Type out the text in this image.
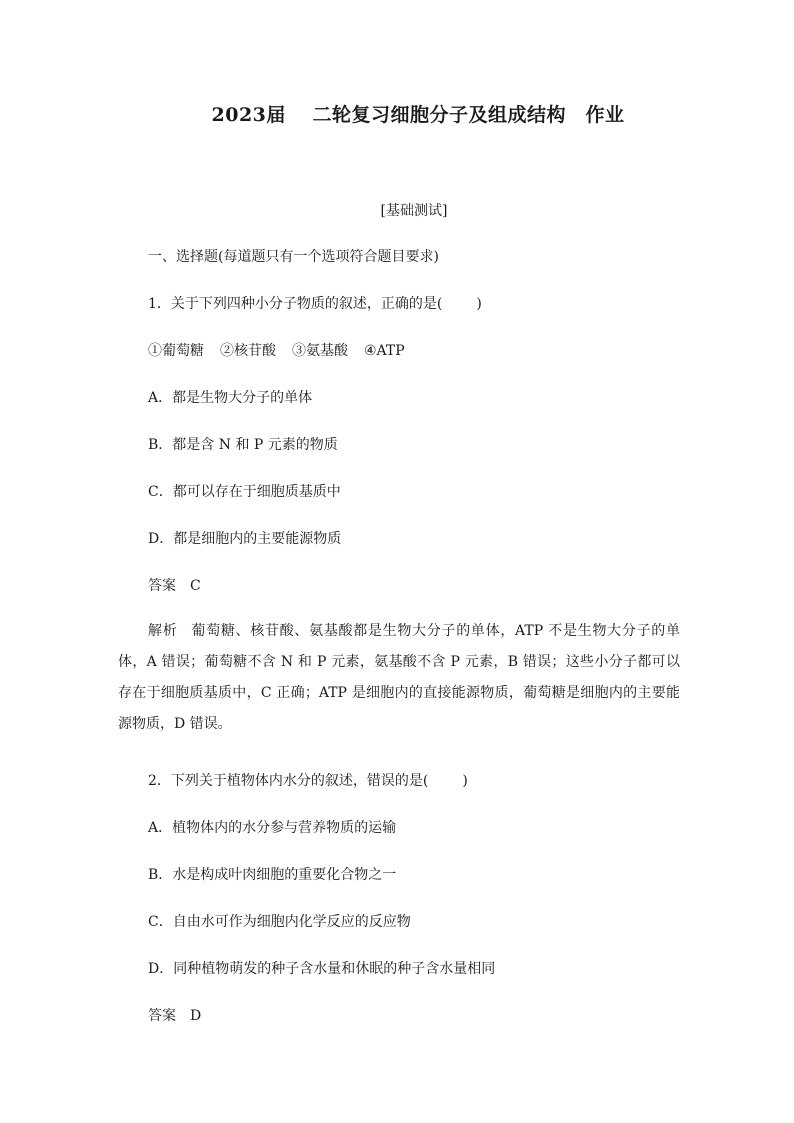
2023届　 二轮复习细胞分子及组成结构　作业
[基础测试]
一、选择题(每道题只有一个选项符合题目要求)
1．关于下列四种小分子物质的叙述，正确的是( )
①葡萄糖 ②核苷酸 ③氨基酸 ④ATP
A．都是生物大分子的单体
B．都是含 N 和 P 元素的物质
C．都可以存在于细胞质基质中
D．都是细胞内的主要能源物质
答案 C
解析 葡萄糖、核苷酸、氨基酸都是生物大分子的单体，ATP 不是生物大分子的单体，A 错误；葡萄糖不含 N 和 P 元素，氨基酸不含 P 元素，B 错误；这些小分子都可以存在于细胞质基质中，C 正确；ATP 是细胞内的直接能源物质，葡萄糖是细胞内的主要能源物质，D 错误。
2．下列关于植物体内水分的叙述，错误的是( )
A．植物体内的水分参与营养物质的运输
B．水是构成叶肉细胞的重要化合物之一
C．自由水可作为细胞内化学反应的反应物
D．同种植物萌发的种子含水量和休眠的种子含水量相同
答案 D
